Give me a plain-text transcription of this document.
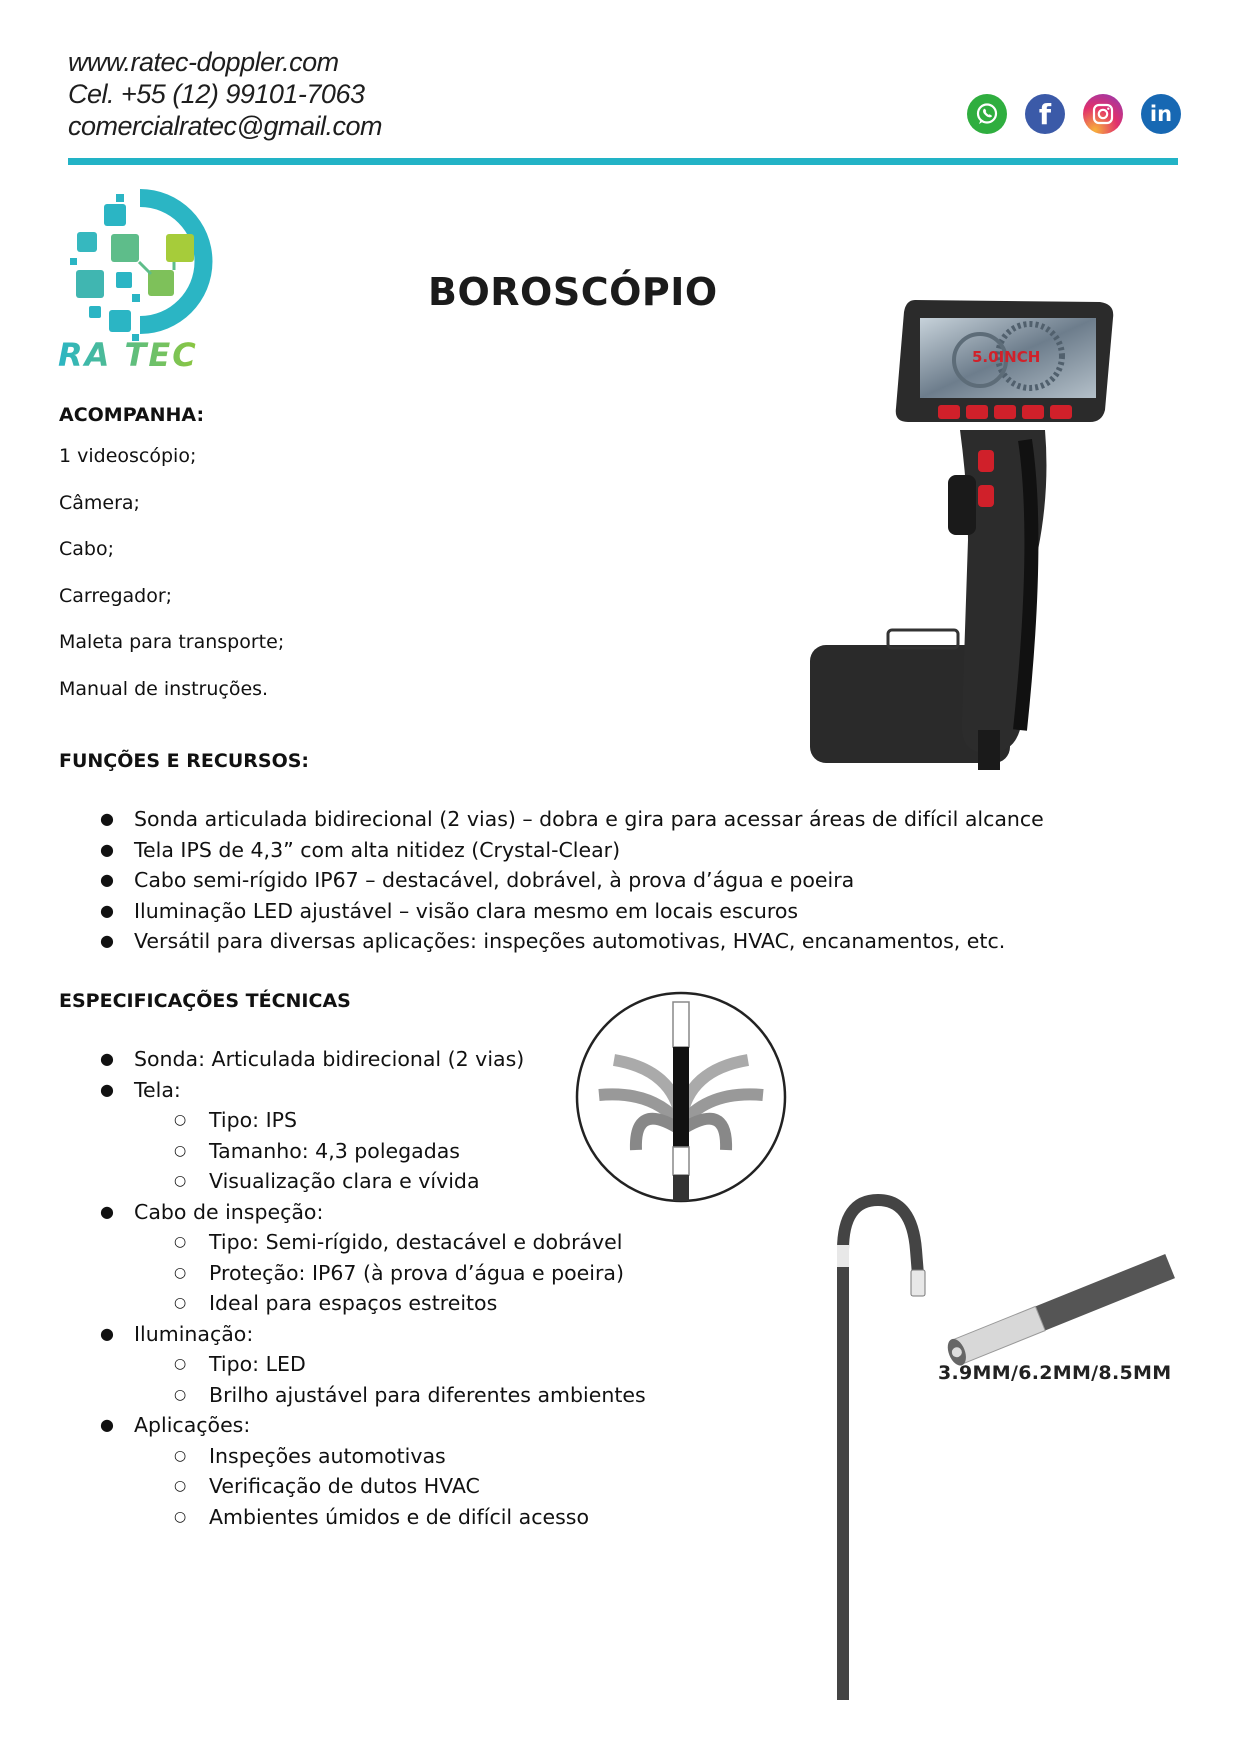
www.ratec-doppler.com
Cel. +55 (12) 99101-7063
comercialratec@gmail.com	f	in
RA TEC
BOROSCÓPIO
5.0INCH
ACOMPANHA:
1 videoscópio;
Câmera;
Cabo;
Carregador;
Maleta para transporte;
Manual de instruções.
FUNÇÕES E RECURSOS:
● Sonda articulada bidirecional (2 vias) – dobra e gira para acessar áreas de difícil alcance
● Tela IPS de 4,3” com alta nitidez (Crystal-Clear)
● Cabo semi-rígido IP67 – destacável, dobrável, à prova d’água e poeira
● Iluminação LED ajustável – visão clara mesmo em locais escuros
● Versátil para diversas aplicações: inspeções automotivas, HVAC, encanamentos, etc.
ESPECIFICAÇÕES TÉCNICAS
● Sonda: Articulada bidirecional (2 vias)
● Tela:
○ Tipo: IPS
○ Tamanho: 4,3 polegadas
○ Visualização clara e vívida
● Cabo de inspeção:
○ Tipo: Semi-rígido, destacável e dobrável
○ Proteção: IP67 (à prova d’água e poeira)
○ Ideal para espaços estreitos
● Iluminação:
○ Tipo: LED
○ Brilho ajustável para diferentes ambientes
● Aplicações:
○ Inspeções automotivas
○ Verificação de dutos HVAC
○ Ambientes úmidos e de difícil acesso
3.9MM/6.2MM/8.5MM
